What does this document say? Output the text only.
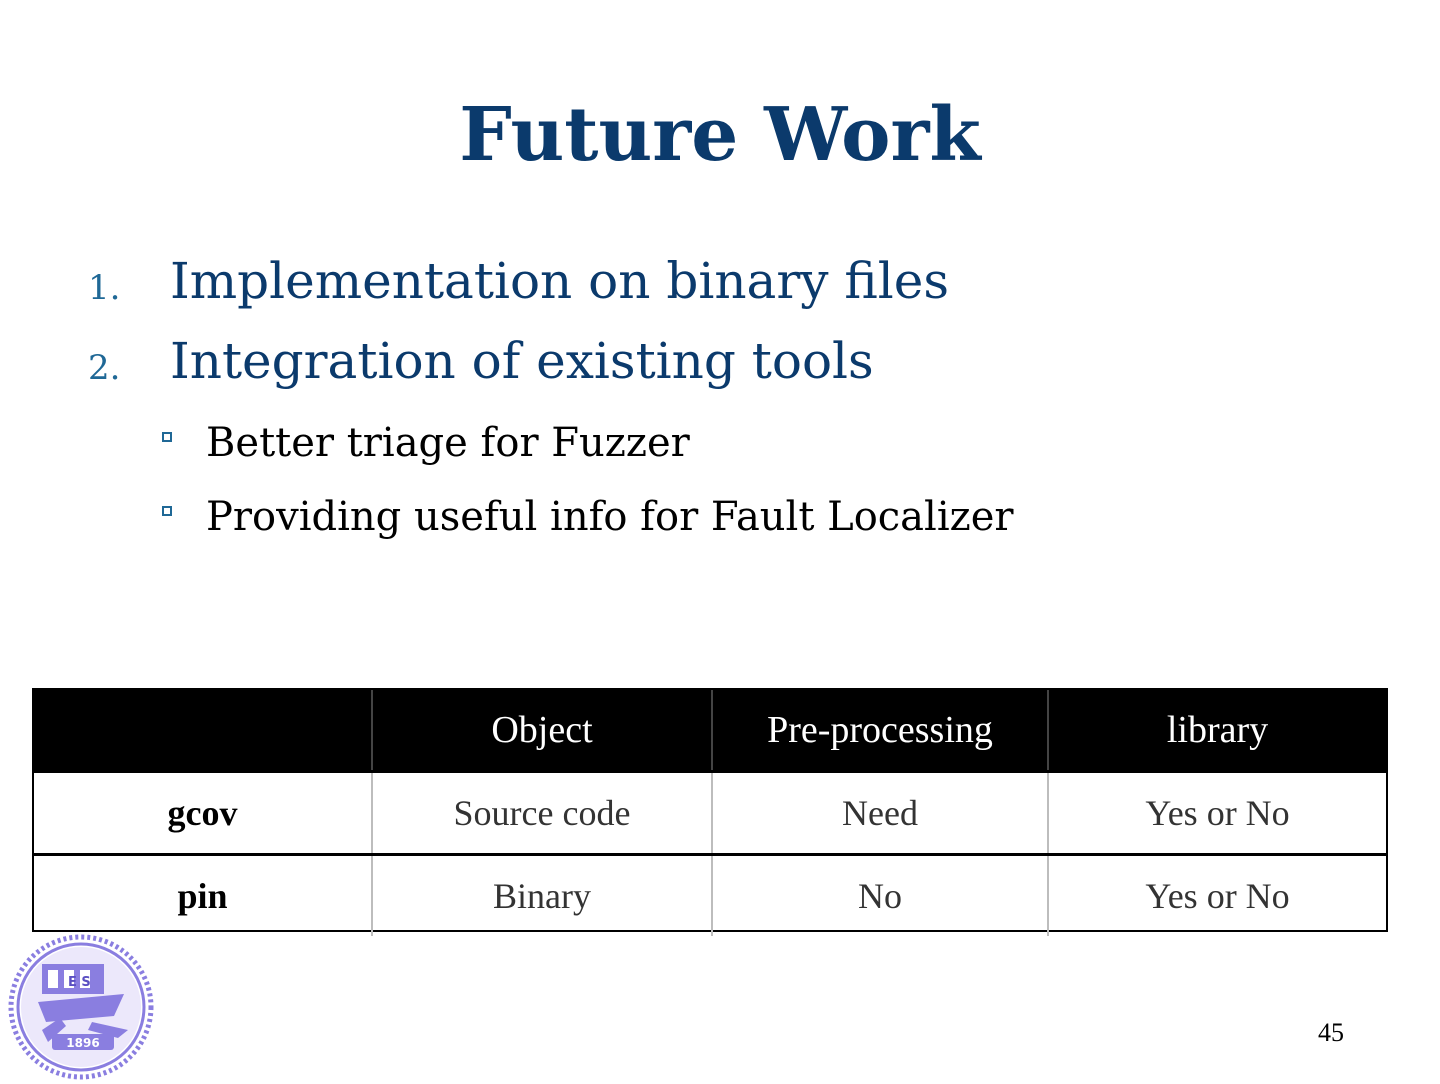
Future Work
1. Implementation on binary files
2. Integration of existing tools
Better triage for Fuzzer
Providing useful info for Fault Localizer
	Object	Pre-processing	library
gcov	Source code	Need	Yes or No
pin	Binary	No	Yes or No
E S
1896	45
